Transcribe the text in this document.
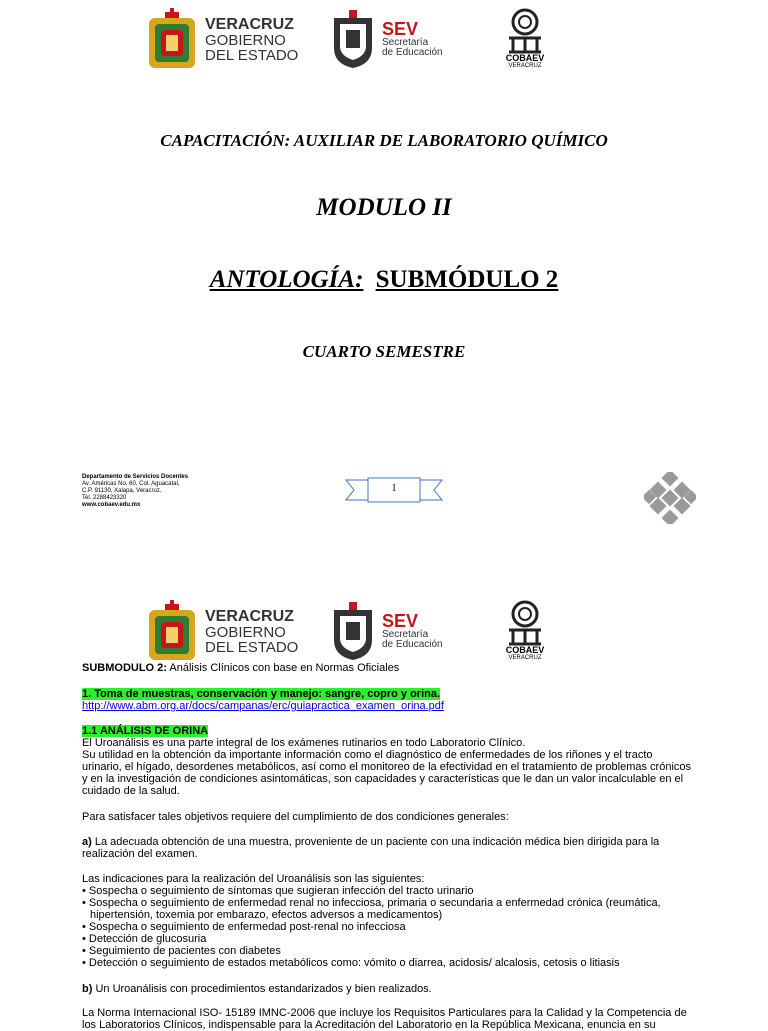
VERACRUZ
GOBIERNO
DEL ESTADO
SEV
Secretaría
de Educación	COBAEV
VERACRUZ
CAPACITACIÓN: AUXILIAR DE LABORATORIO QUÍMICO
MODULO II
ANTOLOGÍA: SUBMÓDULO 2
CUARTO SEMESTRE
Departamento de Servicios Docentes
Av. Américas No. 60, Col. Aguacatal,
C.P. 91130, Xalapa, Veracruz.
Tel. 2288423320
www.cobaev.edu.mx
1
VERACRUZ
GOBIERNO
DEL ESTADO
SEV
Secretaría
de Educación	COBAEV
VERACRUZ
SUBMODULO 2: Análisis Clínicos con base en Normas Oficiales
1. Toma de muestras, conservación y manejo: sangre, copro y orina.
http://www.abm.org.ar/docs/campanas/erc/guiapractica_examen_orina.pdf
1.1 ANÁLISIS DE ORINA
El Uroanálisis es una parte integral de los exámenes rutinarios en todo Laboratorio Clínico.
Su utilidad en la obtención da importante información como el diagnóstico de enfermedades de los riñones y el tracto urinario, el hígado, desordenes metabólicos, así como el monitoreo de la efectividad en el tratamiento de problemas crónicos y en la investigación de condiciones asintomáticas, son capacidades y características que le dan un valor incalculable en el cuidado de la salud.
Para satisfacer tales objetivos requiere del cumplimiento de dos condiciones generales:
a) La adecuada obtención de una muestra, proveniente de un paciente con una indicación médica bien dirigida para la realización del examen.
Las indicaciones para la realización del Uroanálisis son las siguientes:
• Sospecha o seguimiento de síntomas que sugieran infección del tracto urinario
• Sospecha o seguimiento de enfermedad renal no infecciosa, primaria o secundaria a enfermedad crónica (reumática, hipertensión, toxemia por embarazo, efectos adversos a medicamentos)
• Sospecha o seguimiento de enfermedad post-renal no infecciosa
• Detección de glucosuria
• Seguimiento de pacientes con diabetes
• Detección o seguimiento de estados metabólicos como: vómito o diarrea, acidosis/ alcalosis, cetosis o litiasis
b) Un Uroanálisis con procedimientos estandarizados y bien realizados.
La Norma Internacional ISO- 15189 IMNC-2006 que incluye los Requisitos Particulares para la Calidad y la Competencia de los Laboratorios Clínicos, indispensable para la Acreditación del Laboratorio en la República Mexicana, enuncia en su
